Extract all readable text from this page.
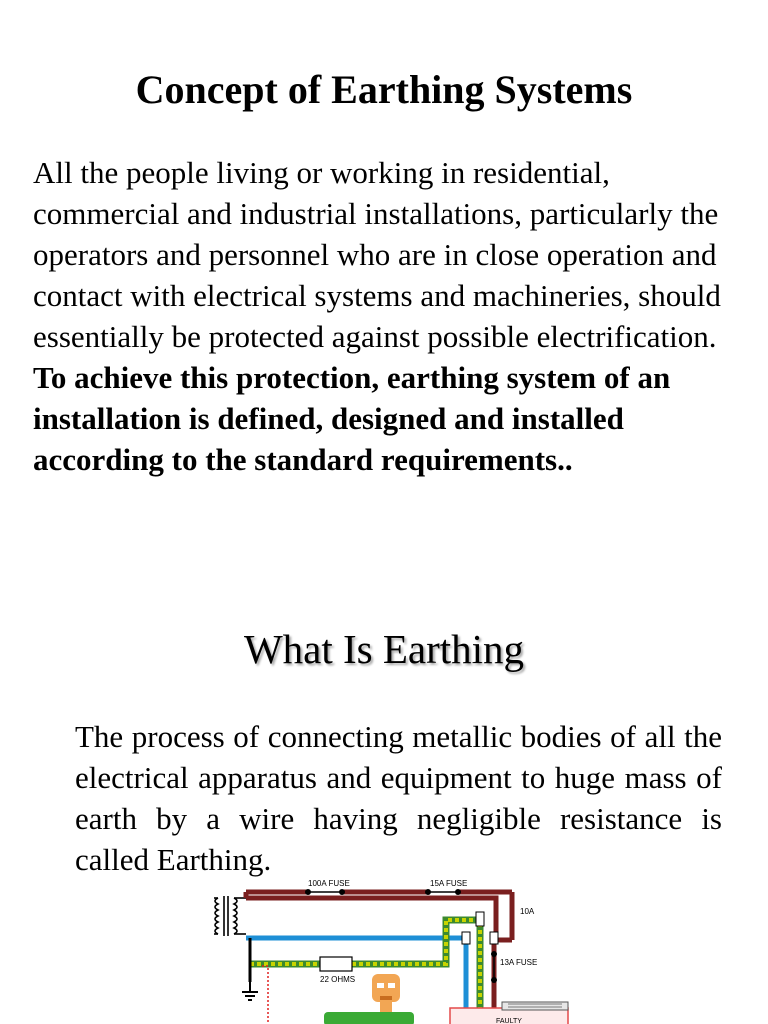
Concept of Earthing Systems

All the people living or working in residential, commercial and industrial installations, particularly the operators and personnel who are in close operation and contact with electrical systems and machineries, should essentially be protected against possible electrification. To achieve this protection, earthing system of an installation is defined, designed and installed according to the standard requirements..

What Is Earthing

The process of connecting metallic bodies of all the electrical apparatus and equipment to huge mass of earth by a wire having negligible resistance is called Earthing.

100A FUSE	15A FUSE
10A
22 OHMS
13A FUSE
FAULTY
